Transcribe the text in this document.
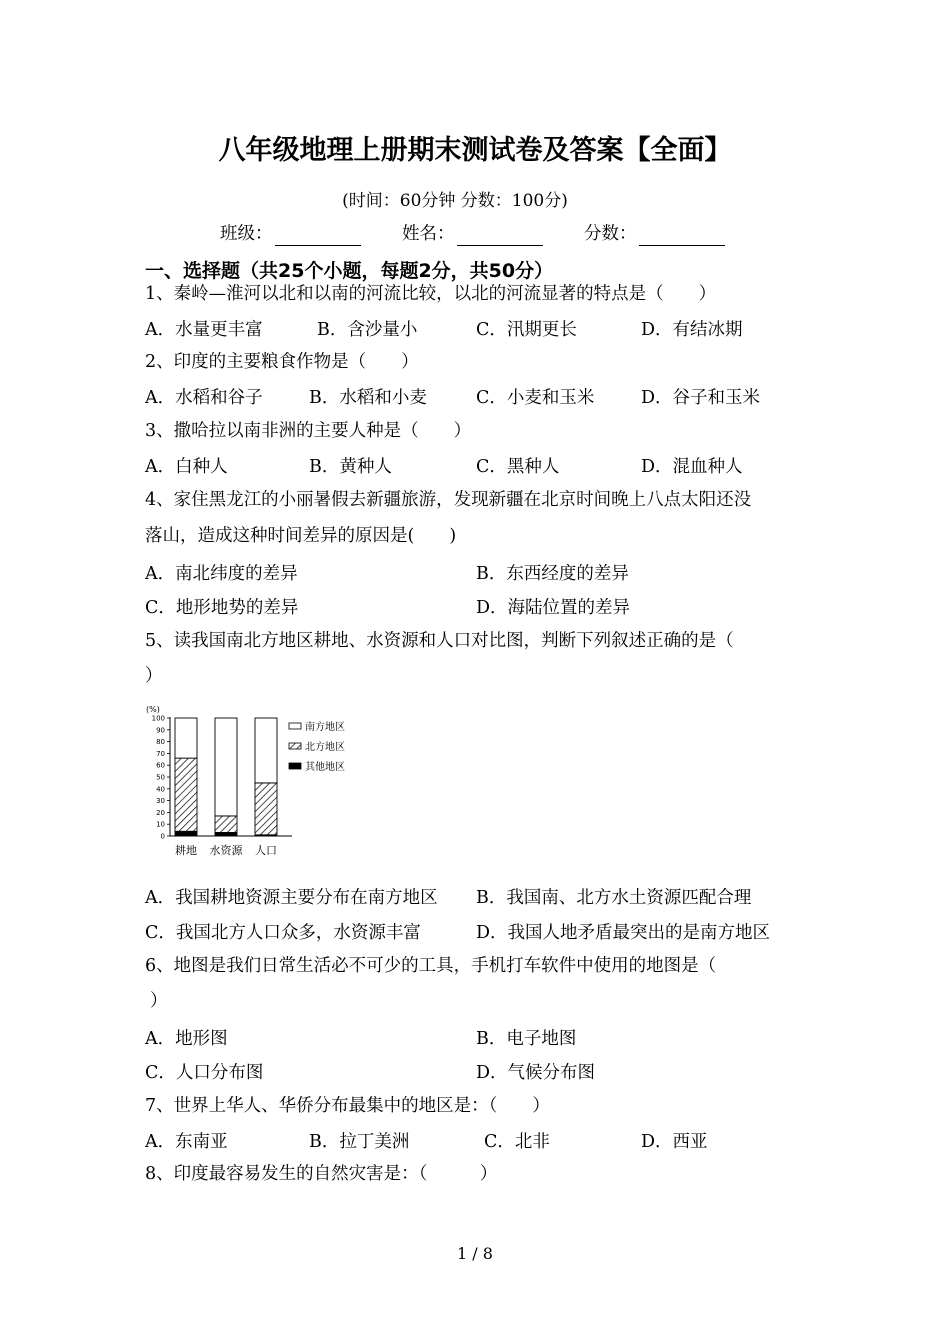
八年级地理上册期末测试卷及答案【全面】
(时间：60分钟 分数：100分)
班级：	姓名：	分数：
一、选择题（共25个小题，每题2分，共50分）
1、秦岭—淮河以北和以南的河流比较，以北的河流显著的特点是（　　）
A．水量更丰富	B．含沙量小	C．汛期更长	D．有结冰期
2、印度的主要粮食作物是（　　）
A．水稻和谷子	B．水稻和小麦	C．小麦和玉米	D．谷子和玉米
3、撒哈拉以南非洲的主要人种是（　　）
A．白种人	B．黄种人	C．黑种人	D．混血种人
4、家住黑龙江的小丽暑假去新疆旅游，发现新疆在北京时间晚上八点太阳还没
落山，造成这种时间差异的原因是(　　)
A．南北纬度的差异	B．东西经度的差异
C．地形地势的差异	D．海陆位置的差异
5、读我国南北方地区耕地、水资源和人口对比图，判断下列叙述正确的是（
）
(%)
0
10
20
30
40
50
60
70
80
90
100
耕地 水资源 人口
南方地区
北方地区
其他地区
A．我国耕地资源主要分布在南方地区 B．我国南、北方水土资源匹配合理
C．我国北方人口众多，水资源丰富	D．我国人地矛盾最突出的是南方地区
6、地图是我们日常生活必不可少的工具，手机打车软件中使用的地图是（
）
A．地形图	B．电子地图
C．人口分布图	D．气候分布图
7、世界上华人、华侨分布最集中的地区是：（　　）
A．东南亚	B．拉丁美洲	C．北非	D．西亚
8、印度最容易发生的自然灾害是：（　　　）
1 / 8
